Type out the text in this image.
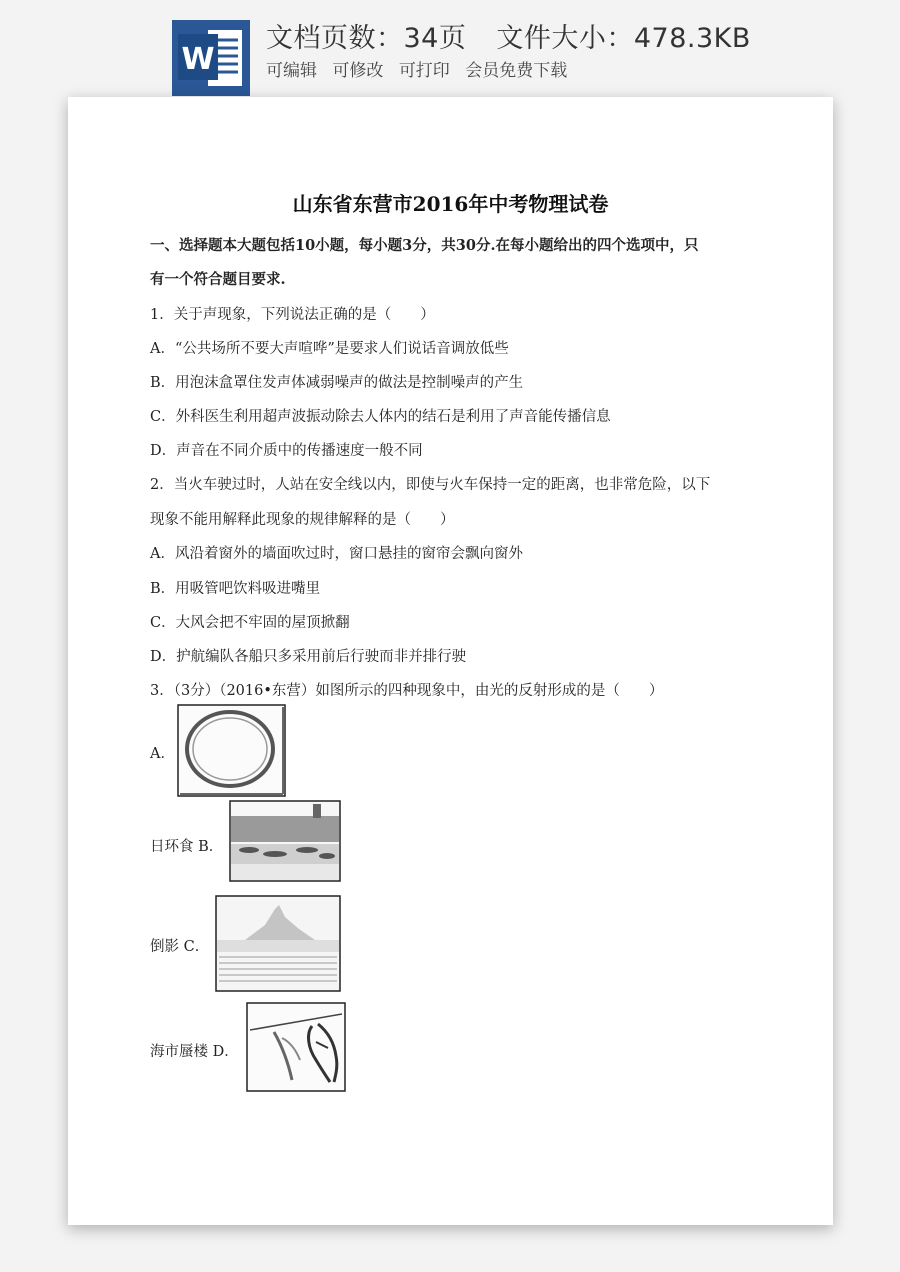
W
文档页数：34页 文件大小：478.3KB
可编辑 可修改 可打印 会员免费下载
山东省东营市2016年中考物理试卷
一、选择题本大题包括10小题，每小题3分，共30分.在每小题给出的四个选项中，只
有一个符合题目要求.
1．关于声现象，下列说法正确的是（　　）
A．“公共场所不要大声喧哗”是要求人们说话音调放低些
B．用泡沫盒罩住发声体减弱噪声的做法是控制噪声的产生
C．外科医生利用超声波振动除去人体内的结石是利用了声音能传播信息
D．声音在不同介质中的传播速度一般不同
2．当火车驶过时，人站在安全线以内，即使与火车保持一定的距离，也非常危险，以下
现象不能用解释此现象的规律解释的是（　　）
A．风沿着窗外的墙面吹过时，窗口悬挂的窗帘会飘向窗外
B．用吸管吧饮料吸进嘴里
C．大风会把不牢固的屋顶掀翻
D．护航编队各船只多采用前后行驶而非并排行驶
3．（3分）（2016•东营）如图所示的四种现象中，由光的反射形成的是（　　）
A．
日环食 B．
倒影 C．
海市蜃楼 D．
